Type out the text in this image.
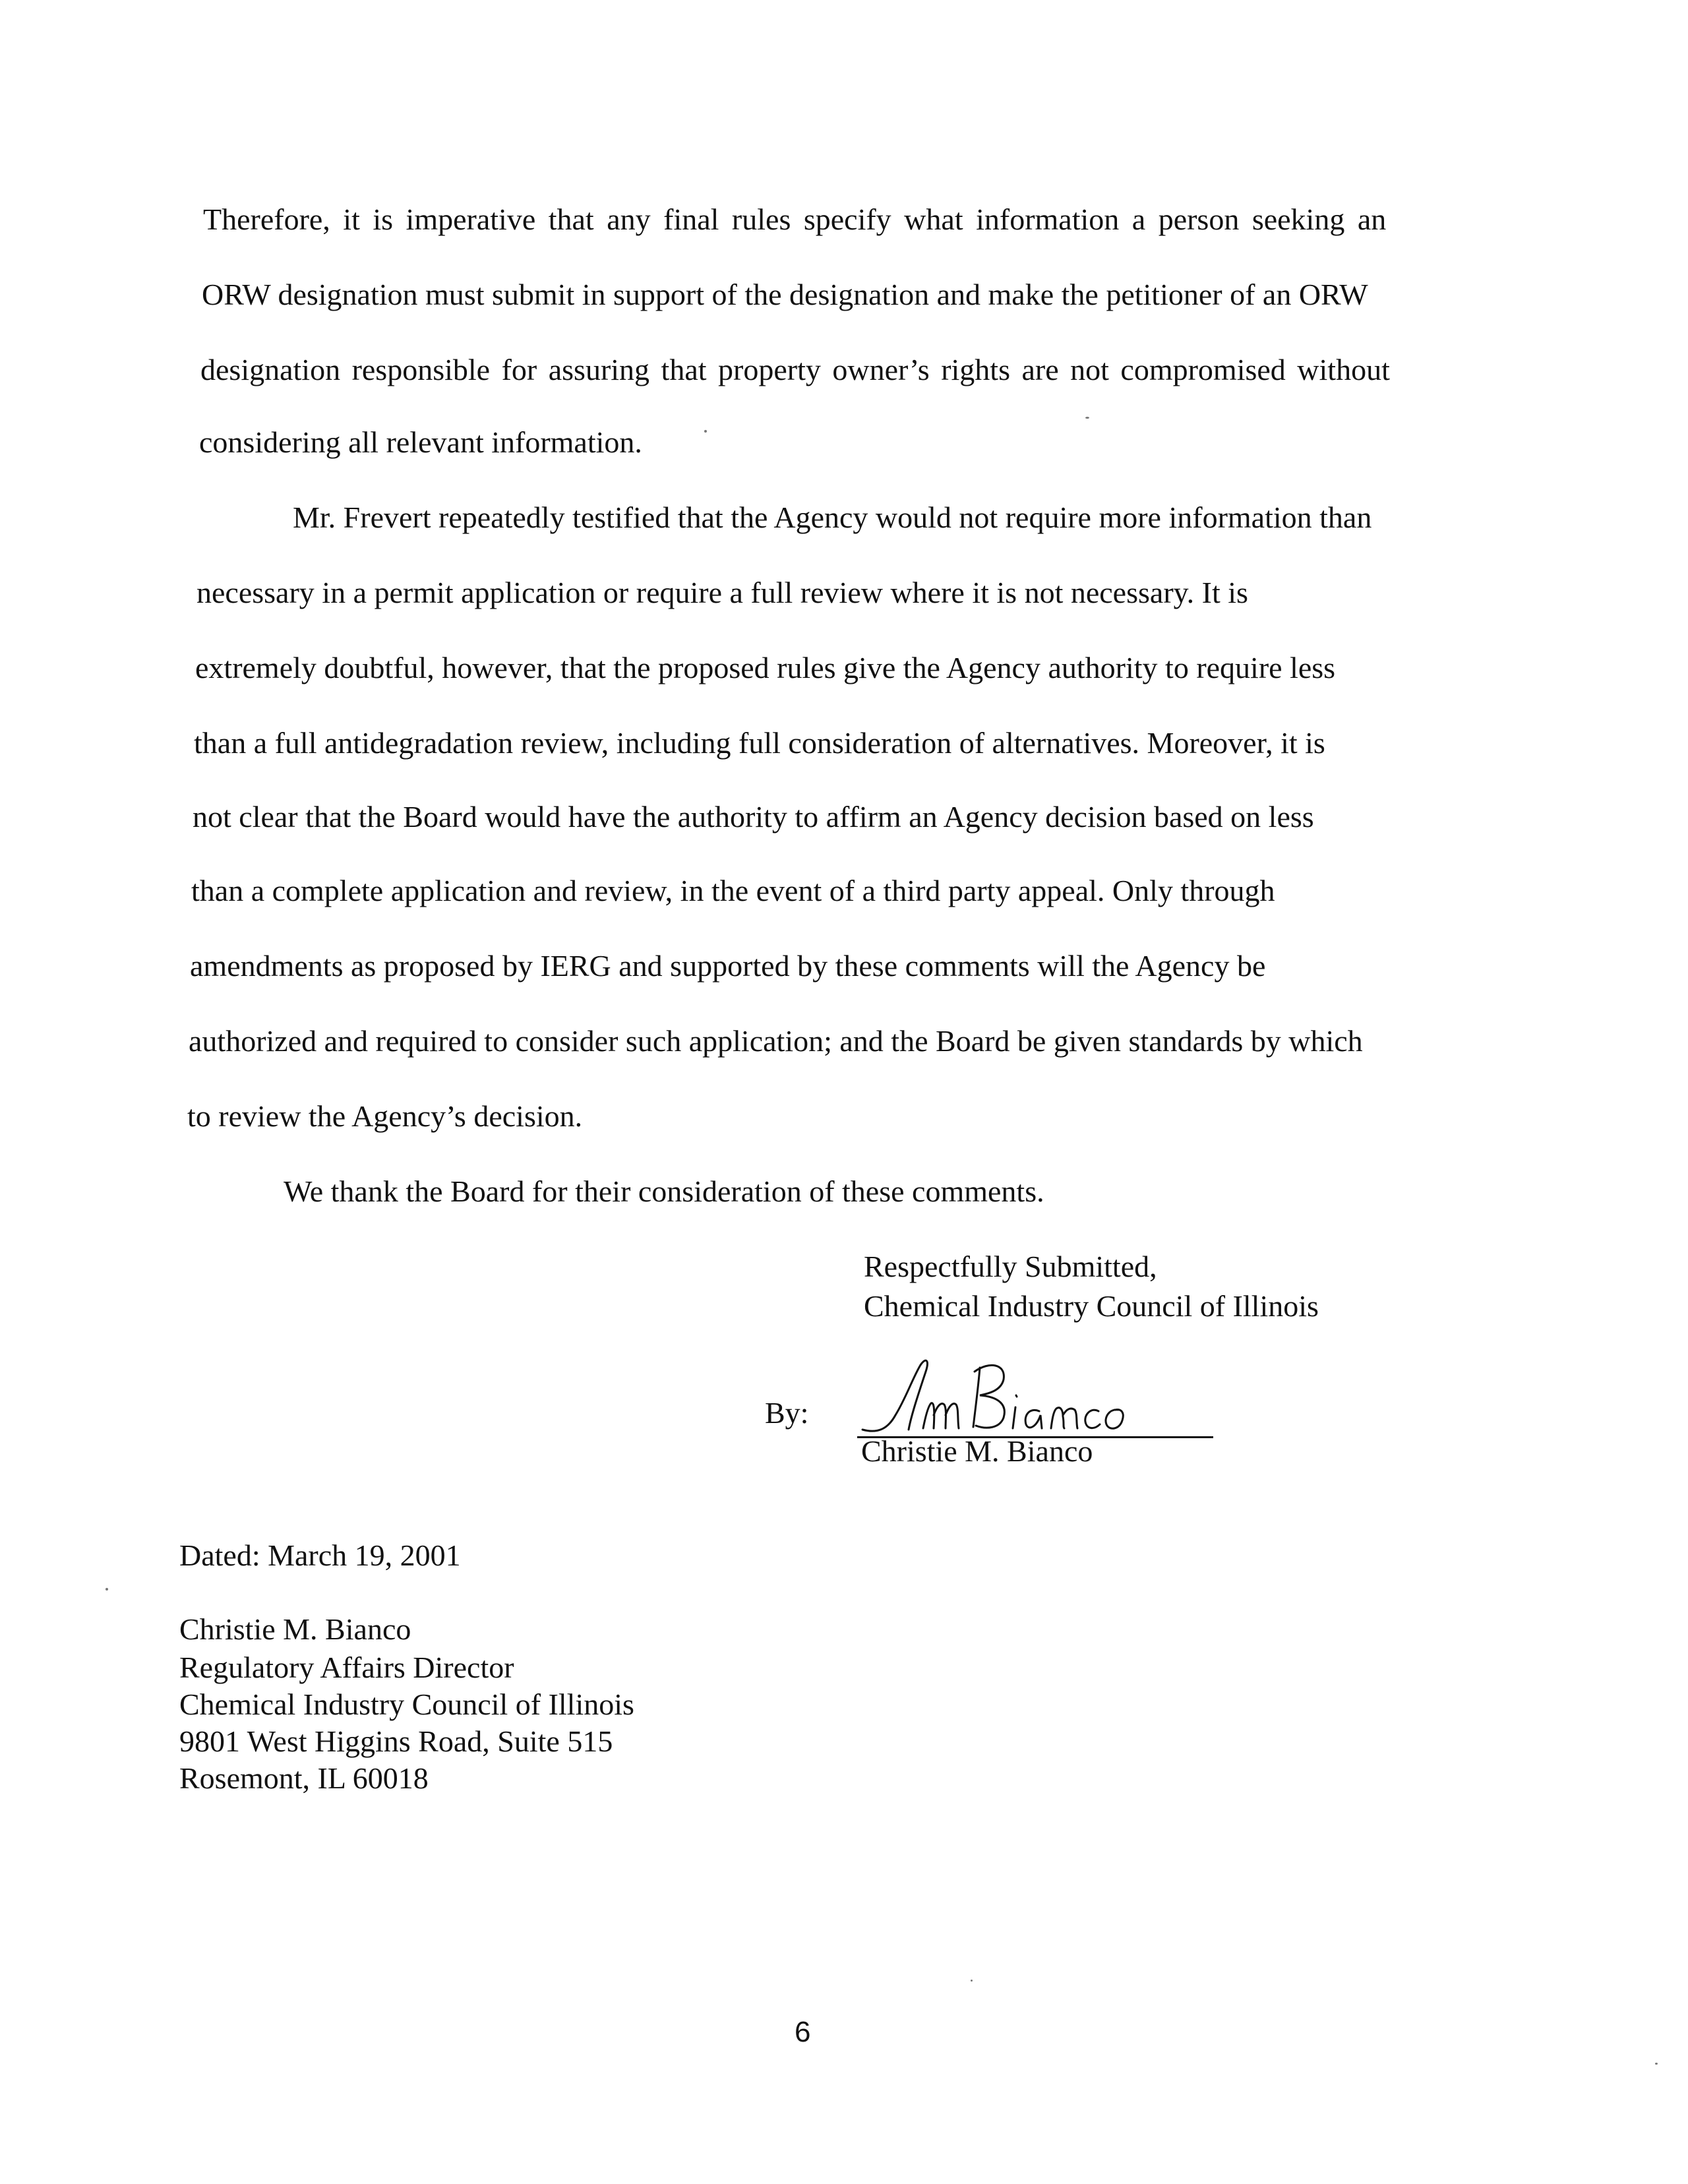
Therefore, it is imperative that any final rules specify what information a person seeking an
ORW designation must submit in support of the designation and make the petitioner of an ORW
designation responsible for assuring that property owner’s rights are not compromised without
considering all relevant information.
Mr. Frevert repeatedly testified that the Agency would not require more information than
necessary in a permit application or require a full review where it is not necessary. It is
extremely doubtful, however, that the proposed rules give the Agency authority to require less
than a full antidegradation review, including full consideration of alternatives. Moreover, it is
not clear that the Board would have the authority to affirm an Agency decision based on less
than a complete application and review, in the event of a third party appeal. Only through
amendments as proposed by IERG and supported by these comments will the Agency be
authorized and required to consider such application; and the Board be given standards by which
to review the Agency’s decision.
We thank the Board for their consideration of these comments.
Respectfully Submitted,
Chemical Industry Council of Illinois
By:
Christie M. Bianco
Dated: March 19, 2001
Christie M. Bianco
Regulatory Affairs Director
Chemical Industry Council of Illinois
9801 West Higgins Road, Suite 515
Rosemont, IL 60018
6
